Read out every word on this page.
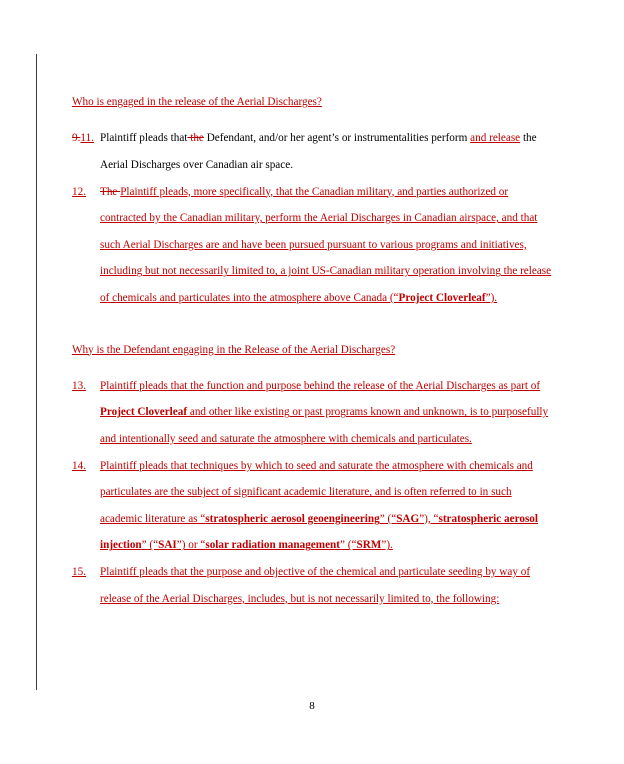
Who is engaged in the release of the Aerial Discharges?

9.11. Plaintiff pleads that the Defendant, and/or her agent’s or instrumentalities perform and release the Aerial Discharges over Canadian air space.

12.	The Plaintiff pleads, more specifically, that the Canadian military, and parties authorized or contracted by the Canadian military, perform the Aerial Discharges in Canadian airspace, and that such Aerial Discharges are and have been pursued pursuant to various programs and initiatives, including but not necessarily limited to, a joint US-Canadian military operation involving the release of chemicals and particulates into the atmosphere above Canada (“Project Cloverleaf”).

Why is the Defendant engaging in the Release of the Aerial Discharges?

13.	Plaintiff pleads that the function and purpose behind the release of the Aerial Discharges as part of Project Cloverleaf and other like existing or past programs known and unknown, is to purposefully and intentionally seed and saturate the atmosphere with chemicals and particulates.

14.	Plaintiff pleads that techniques by which to seed and saturate the atmosphere with chemicals and particulates are the subject of significant academic literature, and is often referred to in such academic literature as “stratospheric aerosol geoengineering” (“SAG”), “stratospheric aerosol injection” (“SAI”) or “solar radiation management” (“SRM”).

15.	Plaintiff pleads that the purpose and objective of the chemical and particulate seeding by way of release of the Aerial Discharges, includes, but is not necessarily limited to, the following:

8
